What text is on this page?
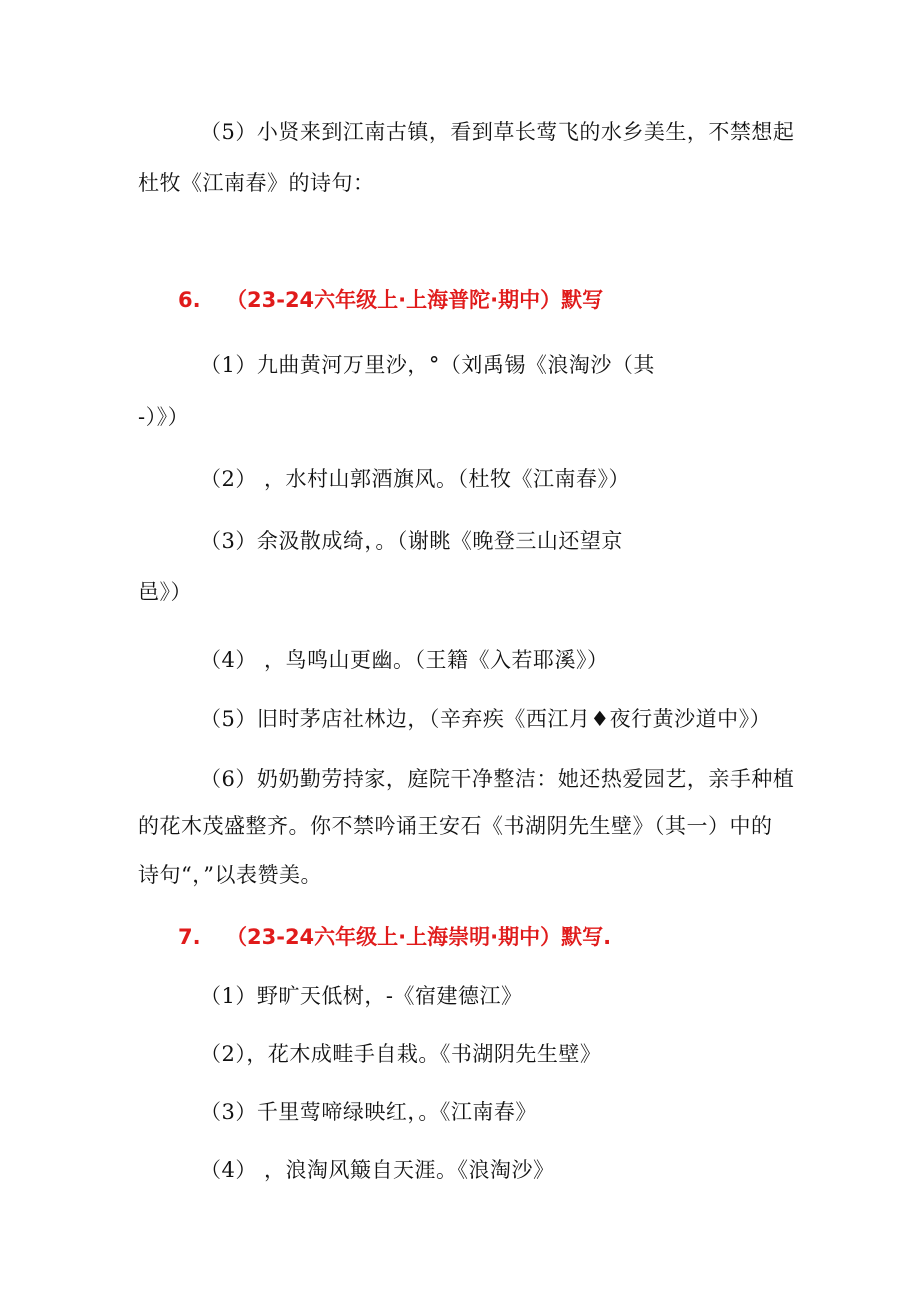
（5）小贤来到江南古镇，看到草长莺飞的水乡美生，不禁想起
杜牧《江南春》的诗句：
6. （23-24六年级上·上海普陀·期中）默写
（1）九曲黄河万里沙，°（刘禹锡《浪淘沙（其
-）》）
（2） ，水村山郭酒旗风。（杜牧《江南春》）
（3）余汲散成绮，。（谢眺《晚登三山还望京
邑》）
（4） ，鸟鸣山更幽。（王籍《入若耶溪》）
（5）旧时茅店社林边，（辛弃疾《西江月♦夜行黄沙道中》）
（6）奶奶勤劳持家，庭院干净整洁：她还热爱园艺，亲手种植
的花木茂盛整齐。你不禁吟诵王安石《书湖阴先生壁》（其一）中的
诗句“，”以表赞美。
7. （23-24六年级上·上海崇明·期中）默写.
（1）野旷天低树，-《宿建德江》
（2），花木成畦手自栽。《书湖阴先生壁》
（3）千里莺啼绿映红，。《江南春》
（4） ，浪淘风簸自天涯。《浪淘沙》
